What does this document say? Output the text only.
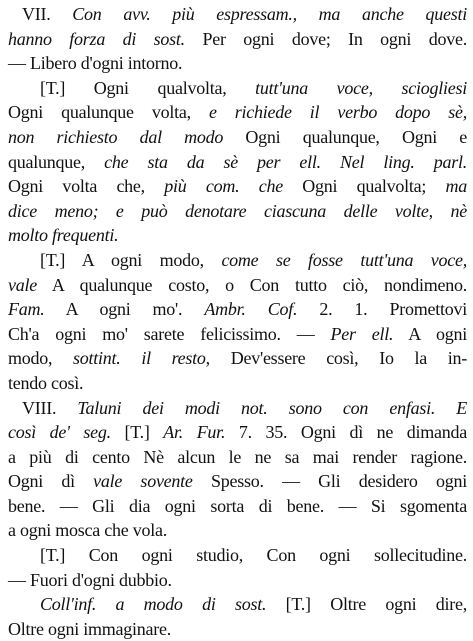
VII. Con avv. più espressam., ma anche questi
hanno forza di sost. Per ogni dove; In ogni dove.
— Libero d'ogni intorno.
[T.] Ogni qualvolta, tutt'una voce, sciogliesi
Ogni qualunque volta, e richiede il verbo dopo sè,
non richiesto dal modo Ogni qualunque, Ogni e
qualunque, che sta da sè per ell. Nel ling. parl.
Ogni volta che, più com. che Ogni qualvolta; ma
dice meno; e può denotare ciascuna delle volte, nè
molto frequenti.
[T.] A ogni modo, come se fosse tutt'una voce,
vale A qualunque costo, o Con tutto ciò, nondimeno.
Fam. A ogni mo'. Ambr. Cof. 2. 1. Promettovi
Ch'a ogni mo' sarete felicissimo. — Per ell. A ogni
modo, sottint. il resto, Dev'essere così, Io la in-
tendo così.
VIII. Taluni dei modi not. sono con enfasi. E
così de' seg. [T.] Ar. Fur. 7. 35. Ogni dì ne dimanda
a più di cento Nè alcun le ne sa mai render ragione.
Ogni dì vale sovente Spesso. — Gli desidero ogni
bene. — Gli dia ogni sorta di bene. — Si sgomenta
a ogni mosca che vola.
[T.] Con ogni studio, Con ogni sollecitudine.
— Fuori d'ogni dubbio.
Coll'inf. a modo di sost. [T.] Oltre ogni dire,
Oltre ogni immaginare.
